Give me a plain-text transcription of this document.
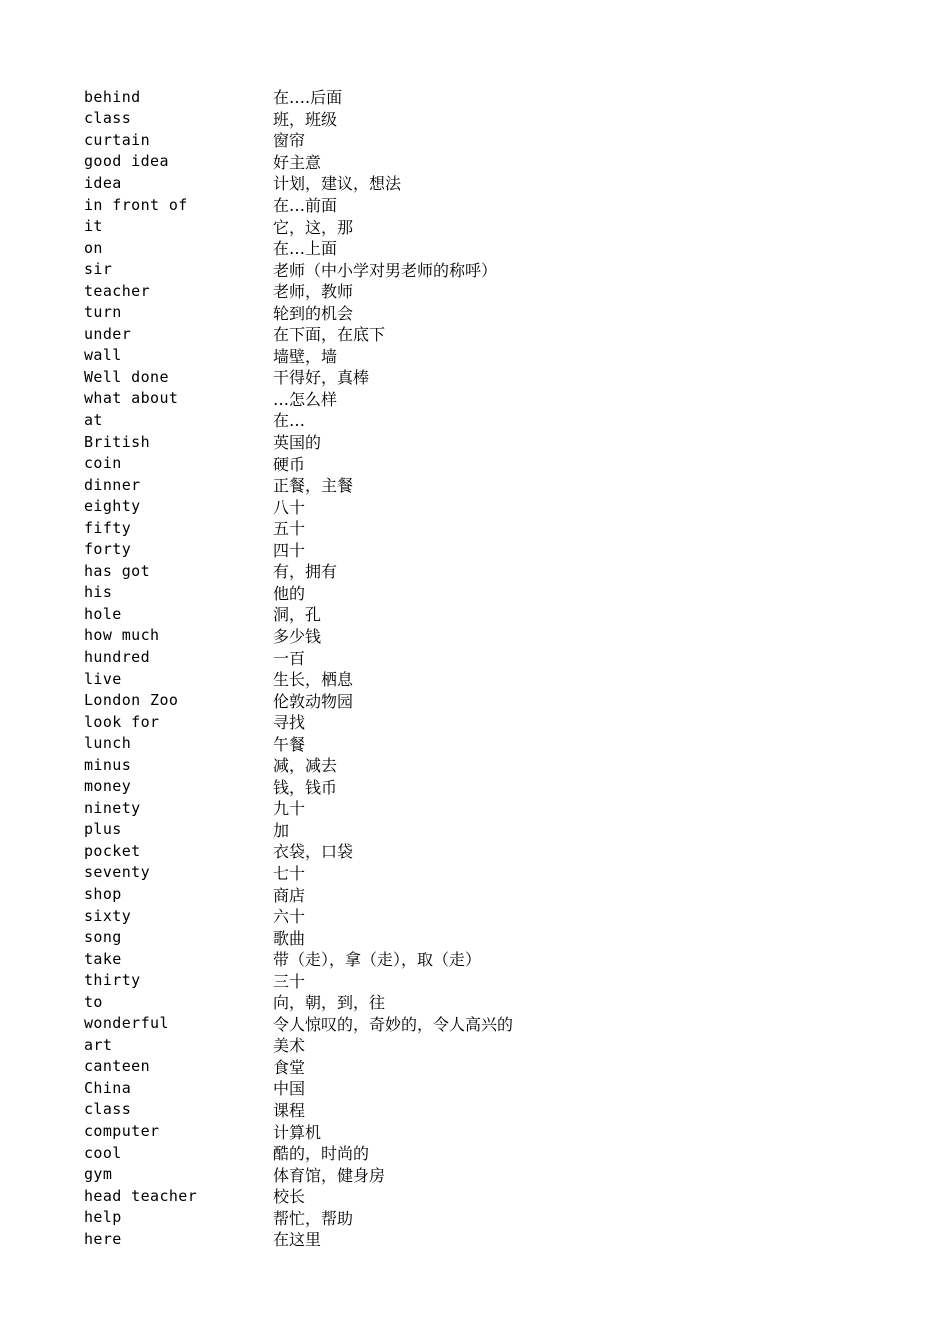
behind	在….后面
class	班，班级
curtain	窗帘
good idea	好主意
idea	计划，建议，想法
in front of	在…前面
it	它，这，那
on	在…上面
sir	老师（中小学对男老师的称呼）
teacher	老师，教师
turn	轮到的机会
under	在下面，在底下
wall	墙壁，墙
Well done	干得好，真棒
what about	…怎么样
at	在…
British	英国的
coin	硬币
dinner	正餐，主餐
eighty	八十
fifty	五十
forty	四十
has got	有，拥有
his	他的
hole	洞，孔
how much	多少钱
hundred	一百
live	生长，栖息
London Zoo	伦敦动物园
look for	寻找
lunch	午餐
minus	减，减去
money	钱，钱币
ninety	九十
plus	加
pocket	衣袋，口袋
seventy	七十
shop	商店
sixty	六十
song	歌曲
take	带（走），拿（走），取（走）
thirty	三十
to	向，朝，到，往
wonderful	令人惊叹的，奇妙的，令人高兴的
art	美术
canteen	食堂
China	中国
class	课程
computer	计算机
cool	酷的，时尚的
gym	体育馆，健身房
head teacher	校长
help	帮忙，帮助
here	在这里
